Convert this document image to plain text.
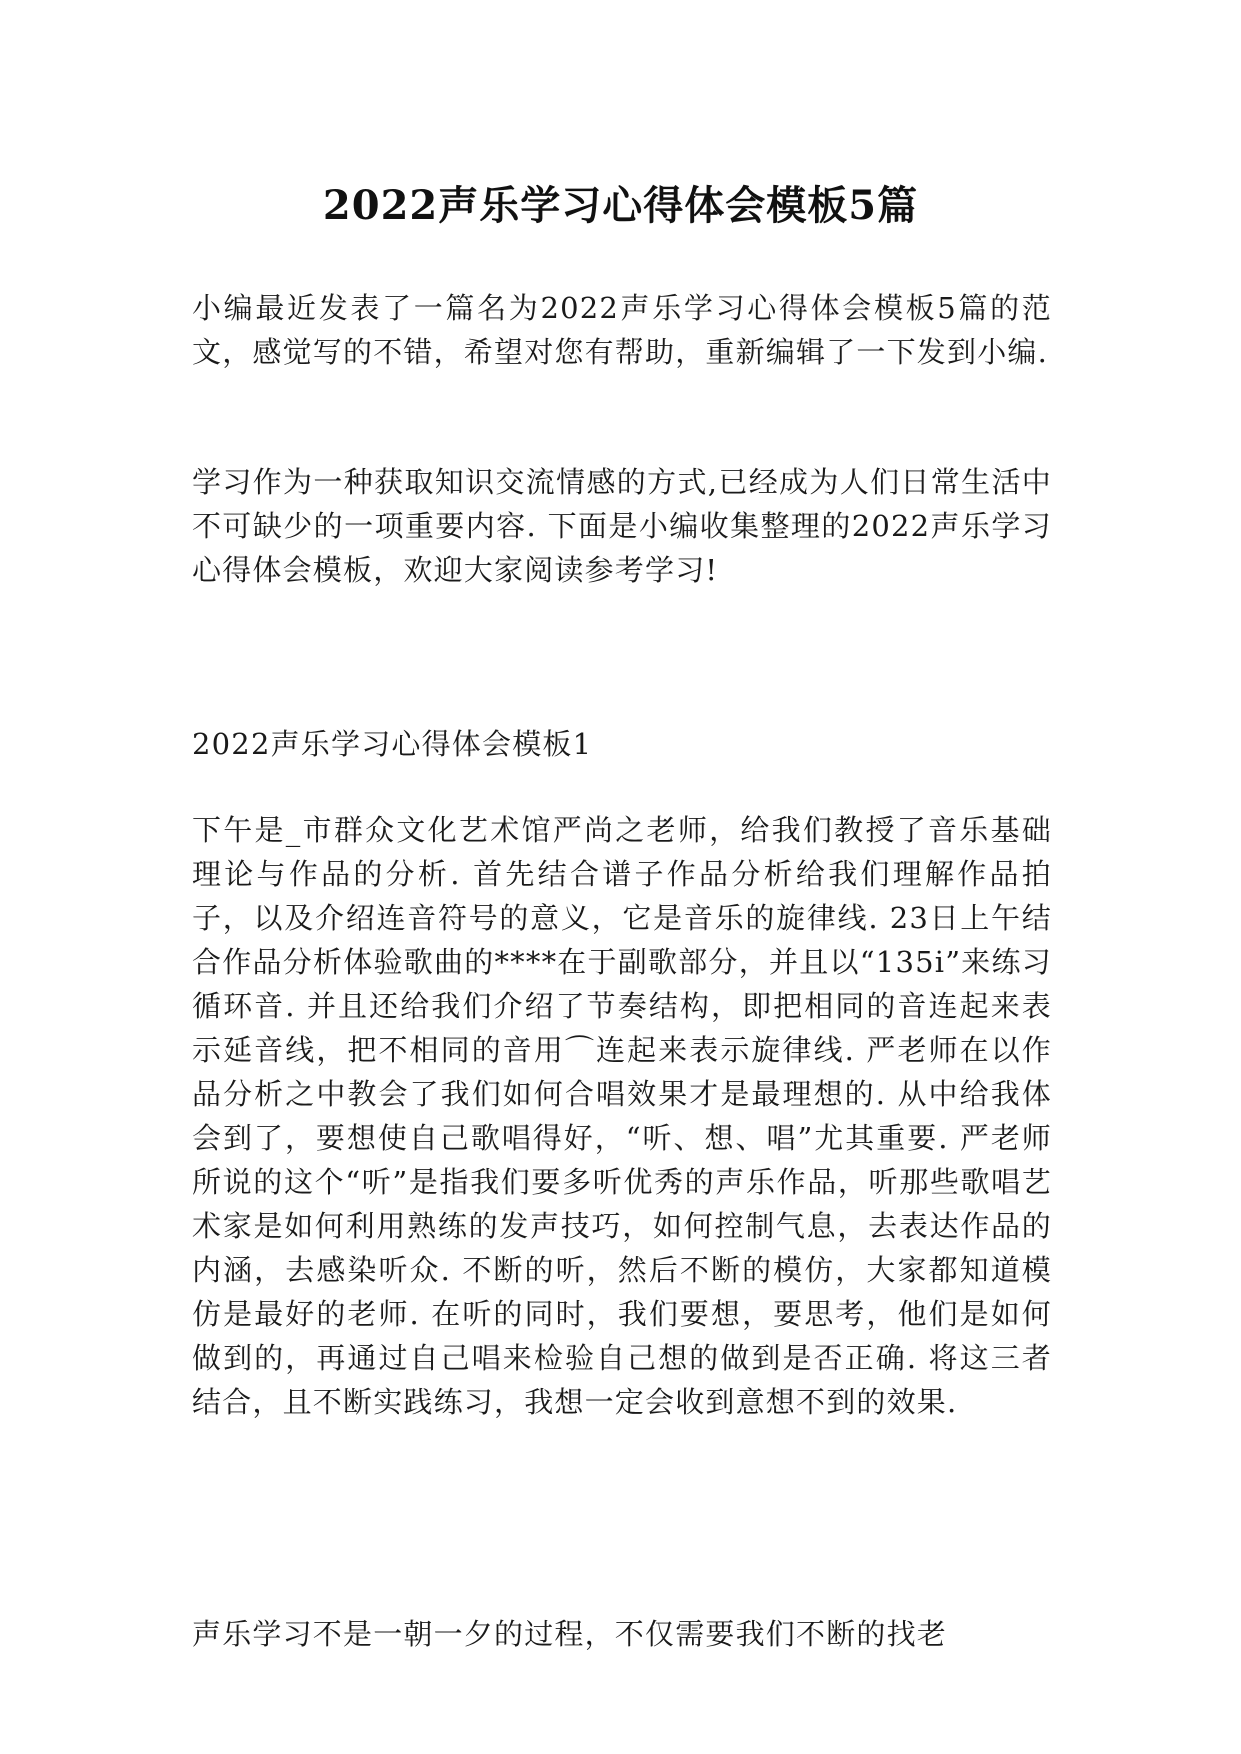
2022声乐学习心得体会模板5篇
小编最近发表了一篇名为2022声乐学习心得体会模板5篇的范文，感觉写的不错，希望对您有帮助，重新编辑了一下发到小编.
学习作为一种获取知识交流情感的方式,已经成为人们日常生活中不可缺少的一项重要内容. 下面是小编收集整理的2022声乐学习心得体会模板，欢迎大家阅读参考学习!
2022声乐学习心得体会模板1
下午是_市群众文化艺术馆严尚之老师，给我们教授了音乐基础理论与作品的分析. 首先结合谱子作品分析给我们理解作品拍子，以及介绍连音符号的意义，它是音乐的旋律线. 23日上午结合作品分析体验歌曲的****在于副歌部分，并且以“135i”来练习循环音. 并且还给我们介绍了节奏结构，即把相同的音连起来表示延音线，把不相同的音用⌒连起来表示旋律线. 严老师在以作品分析之中教会了我们如何合唱效果才是最理想的. 从中给我体会到了，要想使自己歌唱得好，“听、想、唱”尤其重要. 严老师所说的这个“听”是指我们要多听优秀的声乐作品，听那些歌唱艺术家是如何利用熟练的发声技巧，如何控制气息，去表达作品的内涵，去感染听众. 不断的听，然后不断的模仿，大家都知道模仿是最好的老师. 在听的同时，我们要想，要思考，他们是如何做到的，再通过自己唱来检验自己想的做到是否正确. 将这三者结合，且不断实践练习，我想一定会收到意想不到的效果.
声乐学习不是一朝一夕的过程，不仅需要我们不断的找老
